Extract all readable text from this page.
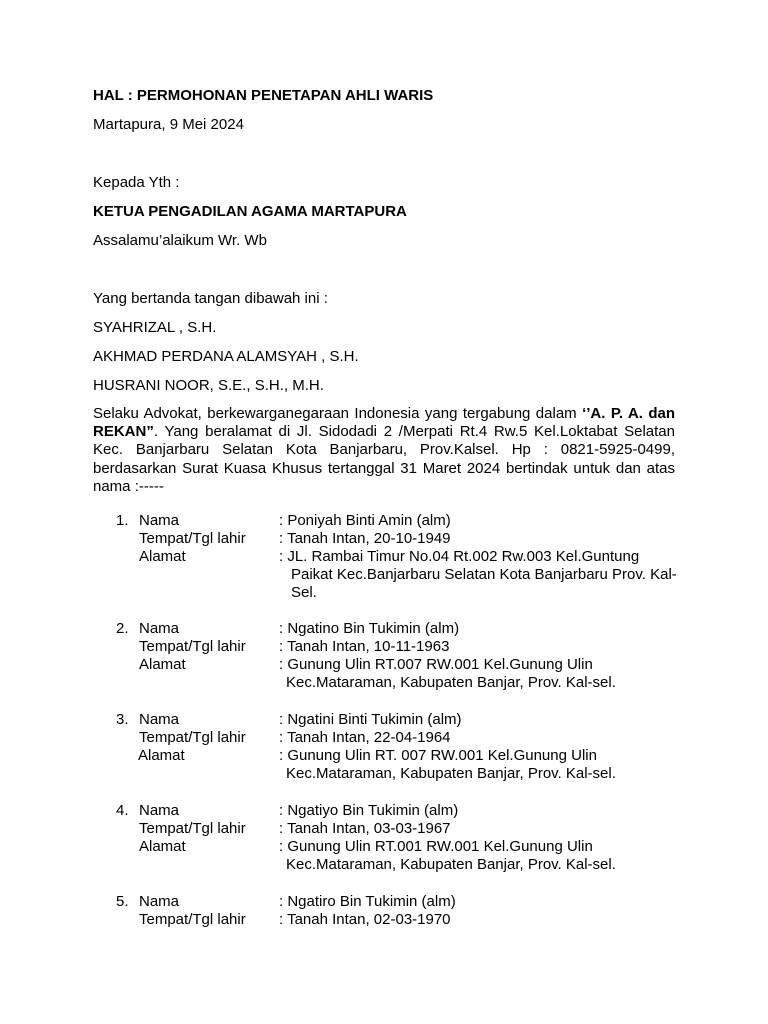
HAL : PERMOHONAN PENETAPAN AHLI WARIS
Martapura, 9 Mei 2024
Kepada Yth :
KETUA PENGADILAN AGAMA MARTAPURA
Assalamu’alaikum Wr. Wb
Yang bertanda tangan dibawah ini :
SYAHRIZAL , S.H.
AKHMAD PERDANA ALAMSYAH , S.H.
HUSRANI NOOR, S.E., S.H., M.H.
Selaku Advokat, berkewarganegaraan Indonesia yang tergabung dalam ‘’A. P. A. dan REKAN”. Yang beralamat di Jl. Sidodadi 2 /Merpati Rt.4 Rw.5 Kel.Loktabat Selatan Kec. Banjarbaru Selatan Kota Banjarbaru, Prov.Kalsel. Hp : 0821-5925-0499, berdasarkan Surat Kuasa Khusus tertanggal 31 Maret 2024 bertindak untuk dan atas nama :-----
1. Nama	: Poniyah Binti Amin (alm)
Tempat/Tgl lahir : Tanah Intan, 20-10-1949
Alamat	: JL. Rambai Timur No.04 Rt.002 Rw.003 Kel.Guntung
Paikat Kec.Banjarbaru Selatan Kota Banjarbaru Prov. Kal-
Sel.
2. Nama	: Ngatino Bin Tukimin (alm)
Tempat/Tgl lahir : Tanah Intan, 10-11-1963
Alamat	: Gunung Ulin RT.007 RW.001 Kel.Gunung Ulin
Kec.Mataraman, Kabupaten Banjar, Prov. Kal-sel.
3. Nama	: Ngatini Binti Tukimin (alm)
Tempat/Tgl lahir : Tanah Intan, 22-04-1964
Alamat	: Gunung Ulin RT. 007 RW.001 Kel.Gunung Ulin
Kec.Mataraman, Kabupaten Banjar, Prov. Kal-sel.
4. Nama	: Ngatiyo Bin Tukimin (alm)
Tempat/Tgl lahir : Tanah Intan, 03-03-1967
Alamat	: Gunung Ulin RT.001 RW.001 Kel.Gunung Ulin
Kec.Mataraman, Kabupaten Banjar, Prov. Kal-sel.
5. Nama	: Ngatiro Bin Tukimin (alm)
Tempat/Tgl lahir : Tanah Intan, 02-03-1970
